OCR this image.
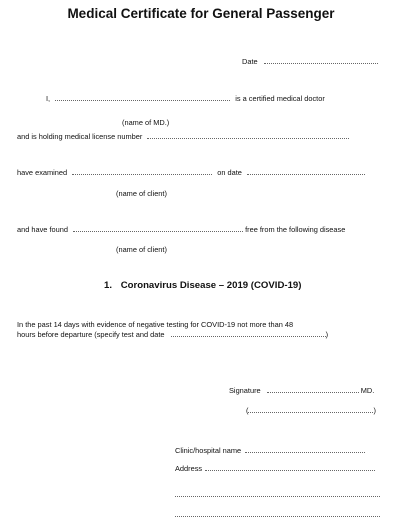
Medical Certificate for General Passenger
Date
I,	is a certified medical doctor
(name of MD.)
and is holding medical license number
have examined	on date
(name of client)
and have found	free from the following disease
(name of client)
1. Coronavirus Disease – 2019 (COVID-19)
In the past 14 days with evidence of negative testing for COVID-19 not more than 48
hours before departure (specify test and date	)
Signature	MD.
(	)
Clinic/hospital name
Address
